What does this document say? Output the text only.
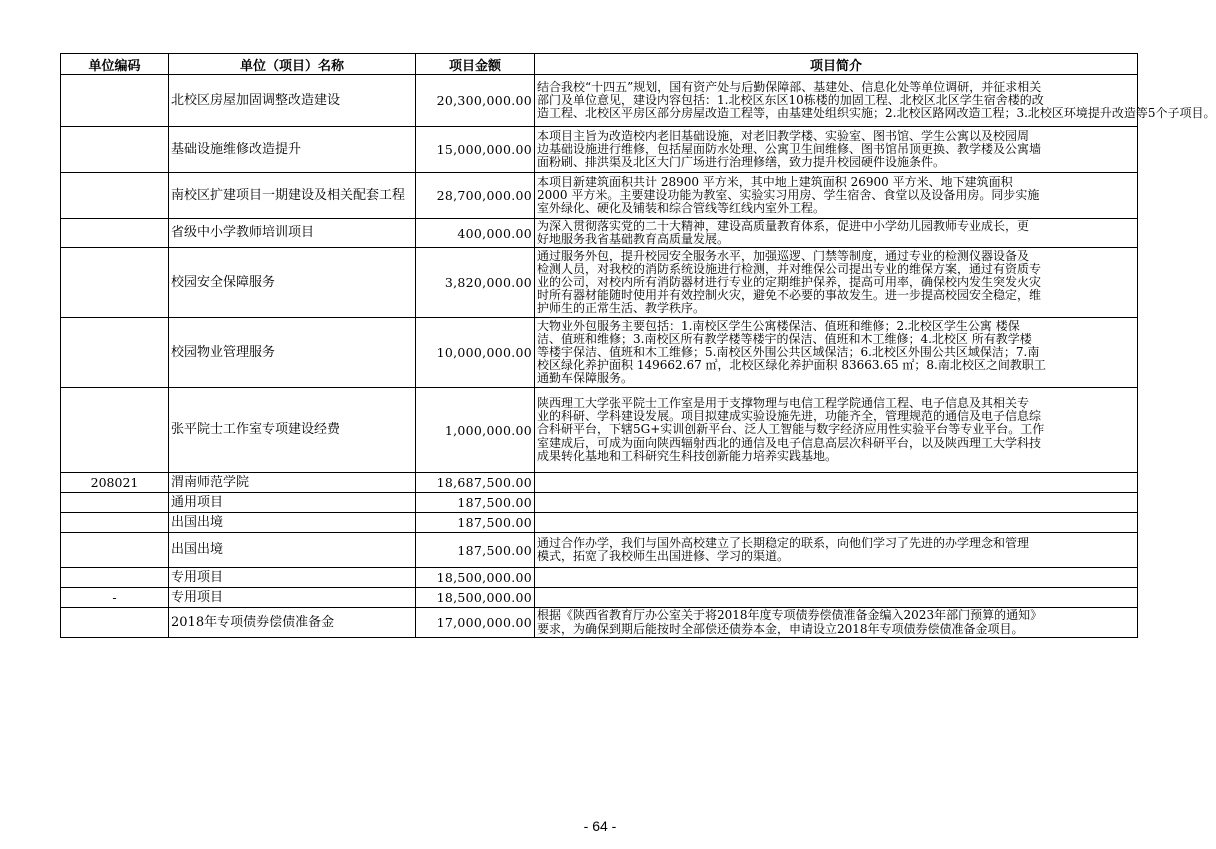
单位编码	单位（项目）名称	项目金额	项目简介
	北校区房屋加固调整改造建设	20,300,000.00	结合我校“十四五”规划，国有资产处与后勤保障部、基建处、信息化处等单位调研，并征求相关
部门及单位意见，建设内容包括：1.北校区东区10栋楼的加固工程、北校区北区学生宿舍楼的改
造工程、北校区平房区部分房屋改造工程等，由基建处组织实施；2.北校区路网改造工程；3.北校区环境提升改造等5个子项目。

	基础设施维修改造提升	15,000,000.00	本项目主旨为改造校内老旧基础设施，对老旧教学楼、实验室、图书馆、学生公寓以及校园周
边基础设施进行维修，包括屋面防水处理、公寓卫生间维修、图书馆吊顶更换、教学楼及公寓墙
面粉刷、排洪渠及北区大门广场进行治理修缮，致力提升校园硬件设施条件。

	南校区扩建项目一期建设及相关配套工程	28,700,000.00	本项目新建筑面积共计 28900 平方米，其中地上建筑面积 26900 平方米、地下建筑面积
2000 平方米。主要建设功能为教室、实验实习用房、学生宿舍、食堂以及设备用房。同步实施
室外绿化、硬化及铺装和综合管线等红线内室外工程。

	省级中小学教师培训项目	400,000.00	为深入贯彻落实党的二十大精神，建设高质量教育体系，促进中小学幼儿园教师专业成长，更
好地服务我省基础教育高质量发展。

	校园安全保障服务	3,820,000.00	通过服务外包，提升校园安全服务水平，加强巡逻、门禁等制度，通过专业的检测仪器设备及
检测人员，对我校的消防系统设施进行检测，并对维保公司提出专业的维保方案，通过有资质专
业的公司，对校内所有消防器材进行专业的定期维护保养，提高可用率，确保校内发生突发火灾
时所有器材能随时使用并有效控制火灾，避免不必要的事故发生。进一步提高校园安全稳定，维
护师生的正常生活、教学秩序。

	校园物业管理服务	10,000,000.00	大物业外包服务主要包括：1.南校区学生公寓楼保洁、值班和维修；2.北校区学生公寓 楼保
洁、值班和维修；3.南校区所有教学楼等楼宇的保洁、值班和木工维修；4.北校区 所有教学楼
等楼宇保洁、值班和木工维修；5.南校区外围公共区域保洁；6.北校区外围公共区域保洁；7.南
校区绿化养护面积 149662.67 ㎡，北校区绿化养护面积 83663.65 ㎡；8.南北校区之间教职工
通勤车保障服务。

	张平院士工作室专项建设经费	1,000,000.00	陕西理工大学张平院士工作室是用于支撑物理与电信工程学院通信工程、电子信息及其相关专
业的科研、学科建设发展。项目拟建成实验设施先进，功能齐全，管理规范的通信及电子信息综
合科研平台，下辖5G+实训创新平台、泛人工智能与数字经济应用性实验平台等专业平台。工作
室建成后，可成为面向陕西辐射西北的通信及电子信息高层次科研平台，以及陕西理工大学科技
成果转化基地和工科研究生科技创新能力培养实践基地。

208021	渭南师范学院	18,687,500.00	
	通用项目	187,500.00	
	出国出境	187,500.00	
	出国出境	187,500.00	通过合作办学，我们与国外高校建立了长期稳定的联系，向他们学习了先进的办学理念和管理
模式，拓宽了我校师生出国进修、学习的渠道。

	专用项目	18,500,000.00	
-	专用项目	18,500,000.00	
	2018年专项债券偿债准备金	17,000,000.00	根据《陕西省教育厅办公室关于将2018年度专项债券偿债准备金编入2023年部门预算的通知》
要求，为确保到期后能按时全部偿还债券本金，申请设立2018年专项债券偿债准备金项目。
- 64 -
